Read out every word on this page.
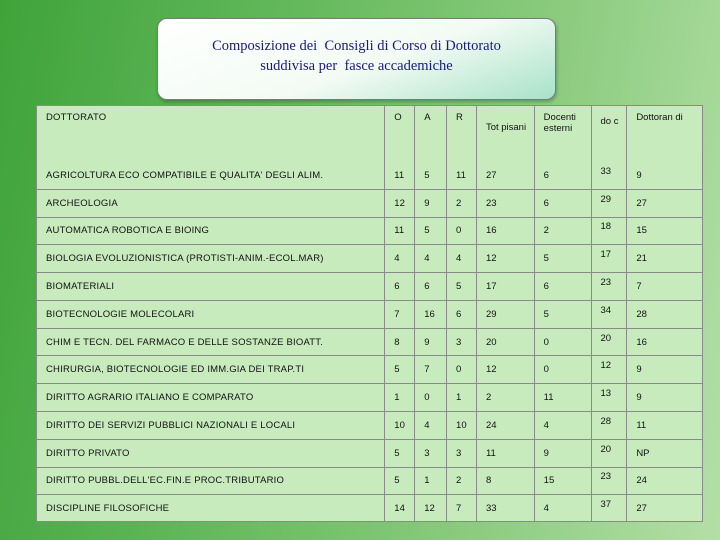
Composizione dei  Consigli di Corso di Dottorato
suddivisa per  fasce accademiche
DOTTORATO	O	A	R	Tot pisani	Docenti esterni	do c	Dottoran di
AGRICOLTURA ECO COMPATIBILE E QUALITA' DEGLI ALIM.	11	5	11	27	6	33	9
ARCHEOLOGIA	12	9	2	23	6	29	27
AUTOMATICA ROBOTICA E BIOING	11	5	0	16	2	18	15
BIOLOGIA EVOLUZIONISTICA (PROTISTI-ANIM.-ECOL.MAR)	4	4	4	12	5	17	21
BIOMATERIALI	6	6	5	17	6	23	7
BIOTECNOLOGIE MOLECOLARI	7	16	6	29	5	34	28
CHIM E TECN. DEL FARMACO E DELLE SOSTANZE BIOATT.	8	9	3	20	0	20	16
CHIRURGIA, BIOTECNOLOGIE ED IMM.GIA DEI TRAP.TI	5	7	0	12	0	12	9
DIRITTO AGRARIO ITALIANO E COMPARATO	1	0	1	2	11	13	9
DIRITTO DEI SERVIZI PUBBLICI NAZIONALI E LOCALI	10	4	10	24	4	28	11
DIRITTO PRIVATO	5	3	3	11	9	20	NP
DIRITTO PUBBL.DELL'EC.FIN.E PROC.TRIBUTARIO	5	1	2	8	15	23	24
DISCIPLINE FILOSOFICHE	14	12	7	33	4	37	27
